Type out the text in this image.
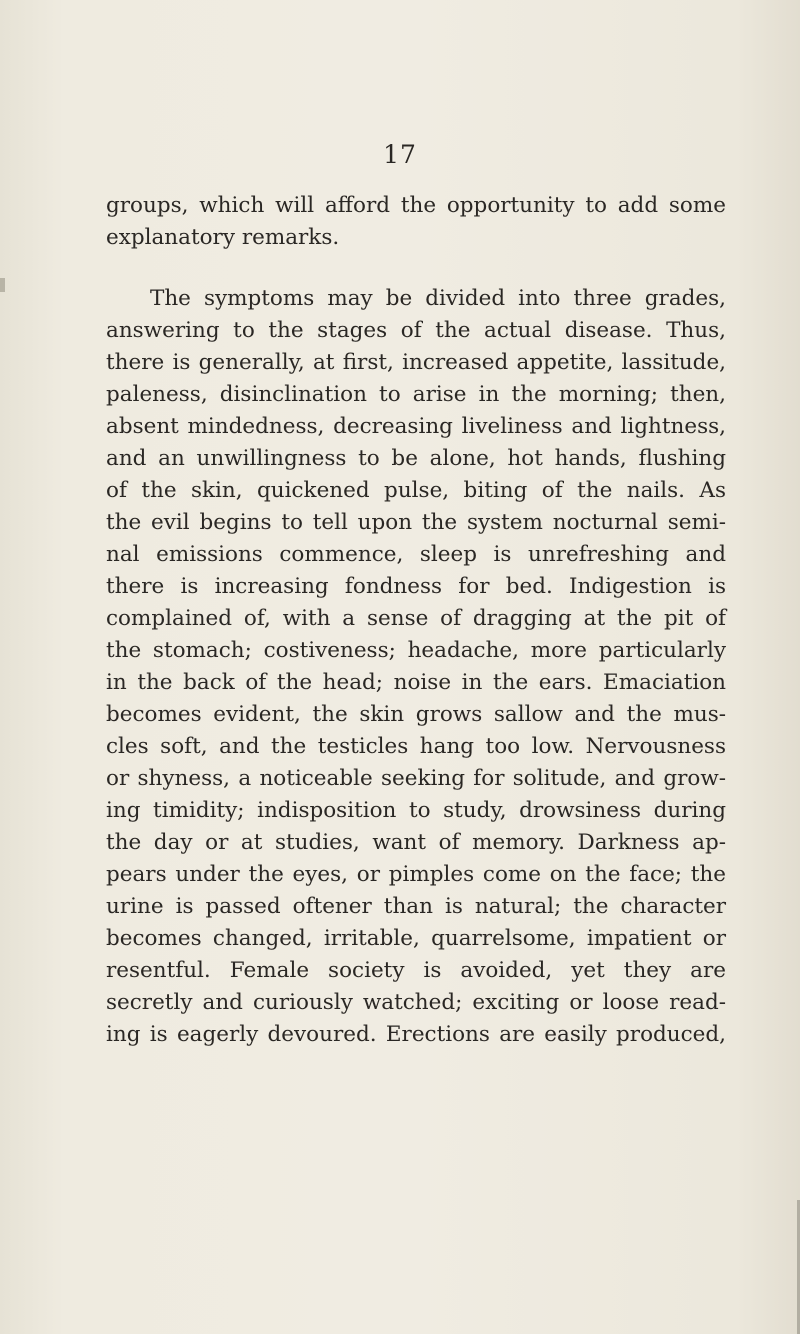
17
groups, which will afford the opportunity to add some
explanatory remarks.
The symptoms may be divided into three grades,
answering to the stages of the actual disease. Thus,
there is generally, at first, increased appetite, lassitude,
paleness, disinclination to arise in the morning; then,
absent mindedness, decreasing liveliness and lightness,
and an unwillingness to be alone, hot hands, flushing
of the skin, quickened pulse, biting of the nails. As
the evil begins to tell upon the system nocturnal semi-
nal emissions commence, sleep is unrefreshing and
there is increasing fondness for bed. Indigestion is
complained of, with a sense of dragging at the pit of
the stomach; costiveness; headache, more particularly
in the back of the head; noise in the ears. Emaciation
becomes evident, the skin grows sallow and the mus-
cles soft, and the testicles hang too low. Nervousness
or shyness, a noticeable seeking for solitude, and grow-
ing timidity; indisposition to study, drowsiness during
the day or at studies, want of memory. Darkness ap-
pears under the eyes, or pimples come on the face; the
urine is passed oftener than is natural; the character
becomes changed, irritable, quarrelsome, impatient or
resentful. Female society is avoided, yet they are
secretly and curiously watched; exciting or loose read-
ing is eagerly devoured. Erections are easily produced,
